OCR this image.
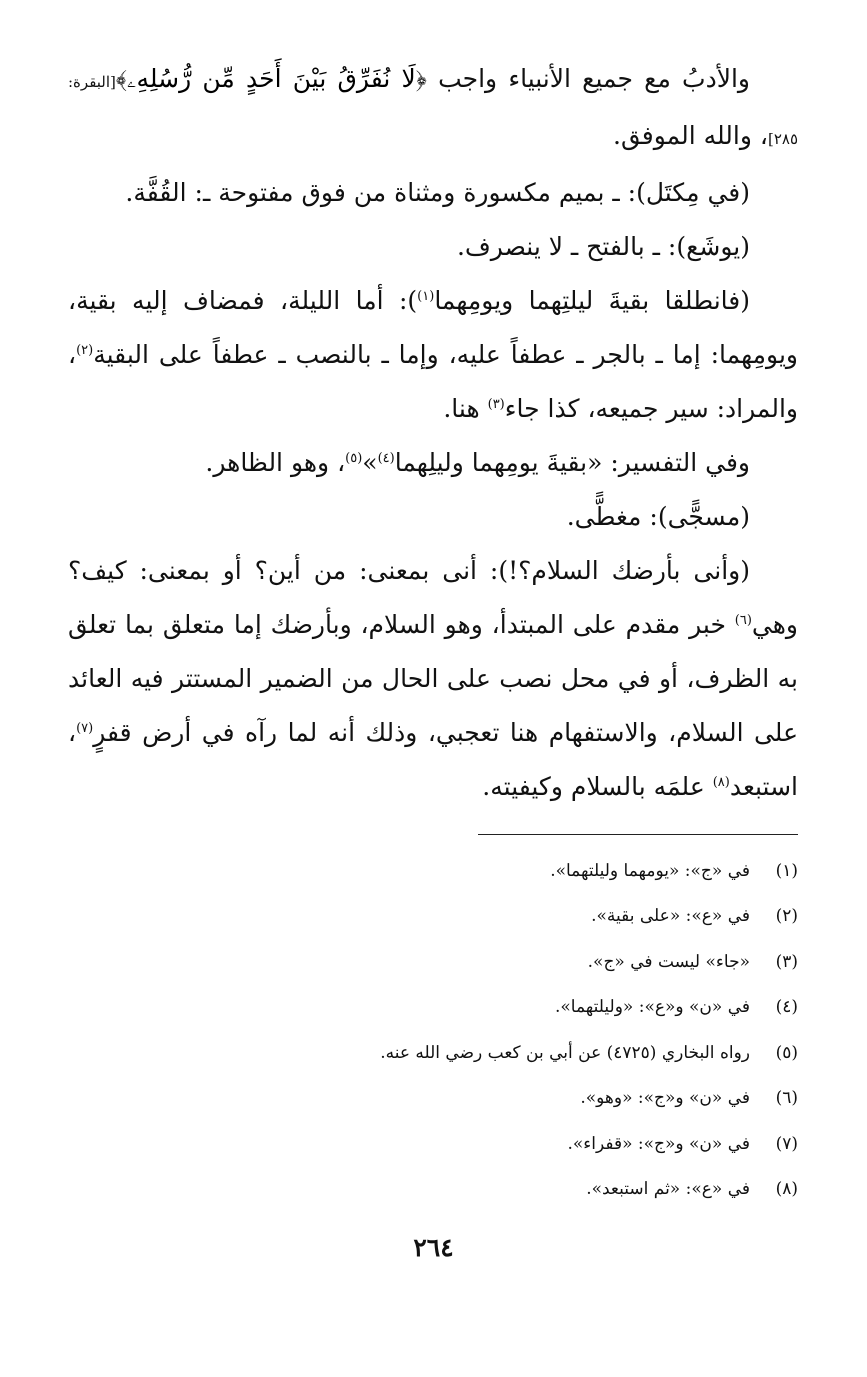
والأدبُ مع جميع الأنبياء واجب ﴿لَا نُفَرِّقُ بَيْنَ أَحَدٍ مِّن رُّسُلِهِۦ﴾[البقرة: ٢٨٥]، والله الموفق.

(في مِكتَل): ـ بميم مكسورة ومثناة من فوق مفتوحة ـ: القُفَّة.

(يوشَع): ـ بالفتح ـ لا ينصرف.

(فانطلقا بقيةَ ليلتِهما ويومِهما$^{(١)}$): أما الليلة، فمضاف إليه بقية، ويومِهما: إما ـ بالجر ـ عطفاً عليه، وإما ـ بالنصب ـ عطفاً على البقية$^{(٢)}$، والمراد: سير جميعه، كذا جاء$^{(٣)}$ هنا.

وفي التفسير: «بقيةَ يومِهما وليلِهما$^{(٤)}$»$^{(٥)}$، وهو الظاهر.

(مسجًّى): مغطًّى.

(وأنى بأرضك السلام؟!): أنى بمعنى: من أين؟ أو بمعنى: كيف؟ وهي$^{(٦)}$ خبر مقدم على المبتدأ، وهو السلام، وبأرضك إما متعلق بما تعلق به الظرف، أو في محل نصب على الحال من الضمير المستتر فيه العائد على السلام، والاستفهام هنا تعجبي، وذلك أنه لما رآه في أرض قفرٍ$^{(٧)}$، استبعد$^{(٨)}$ علمَه بالسلام وكيفيته.

(١)
في «ج»: «يومهما وليلتهما».
(٢)
في «ع»: «على بقية».
(٣)
«جاء» ليست في «ج».
(٤)
في «ن» و«ع»: «وليلتهما».
(٥)
رواه البخاري (٤٧٢٥) عن أبي بن كعب رضي الله عنه.
(٦)
في «ن» و«ج»: «وهو».
(٧)
في «ن» و«ج»: «قفراء».
(٨)
في «ع»: «ثم استبعد».
٢٦٤
